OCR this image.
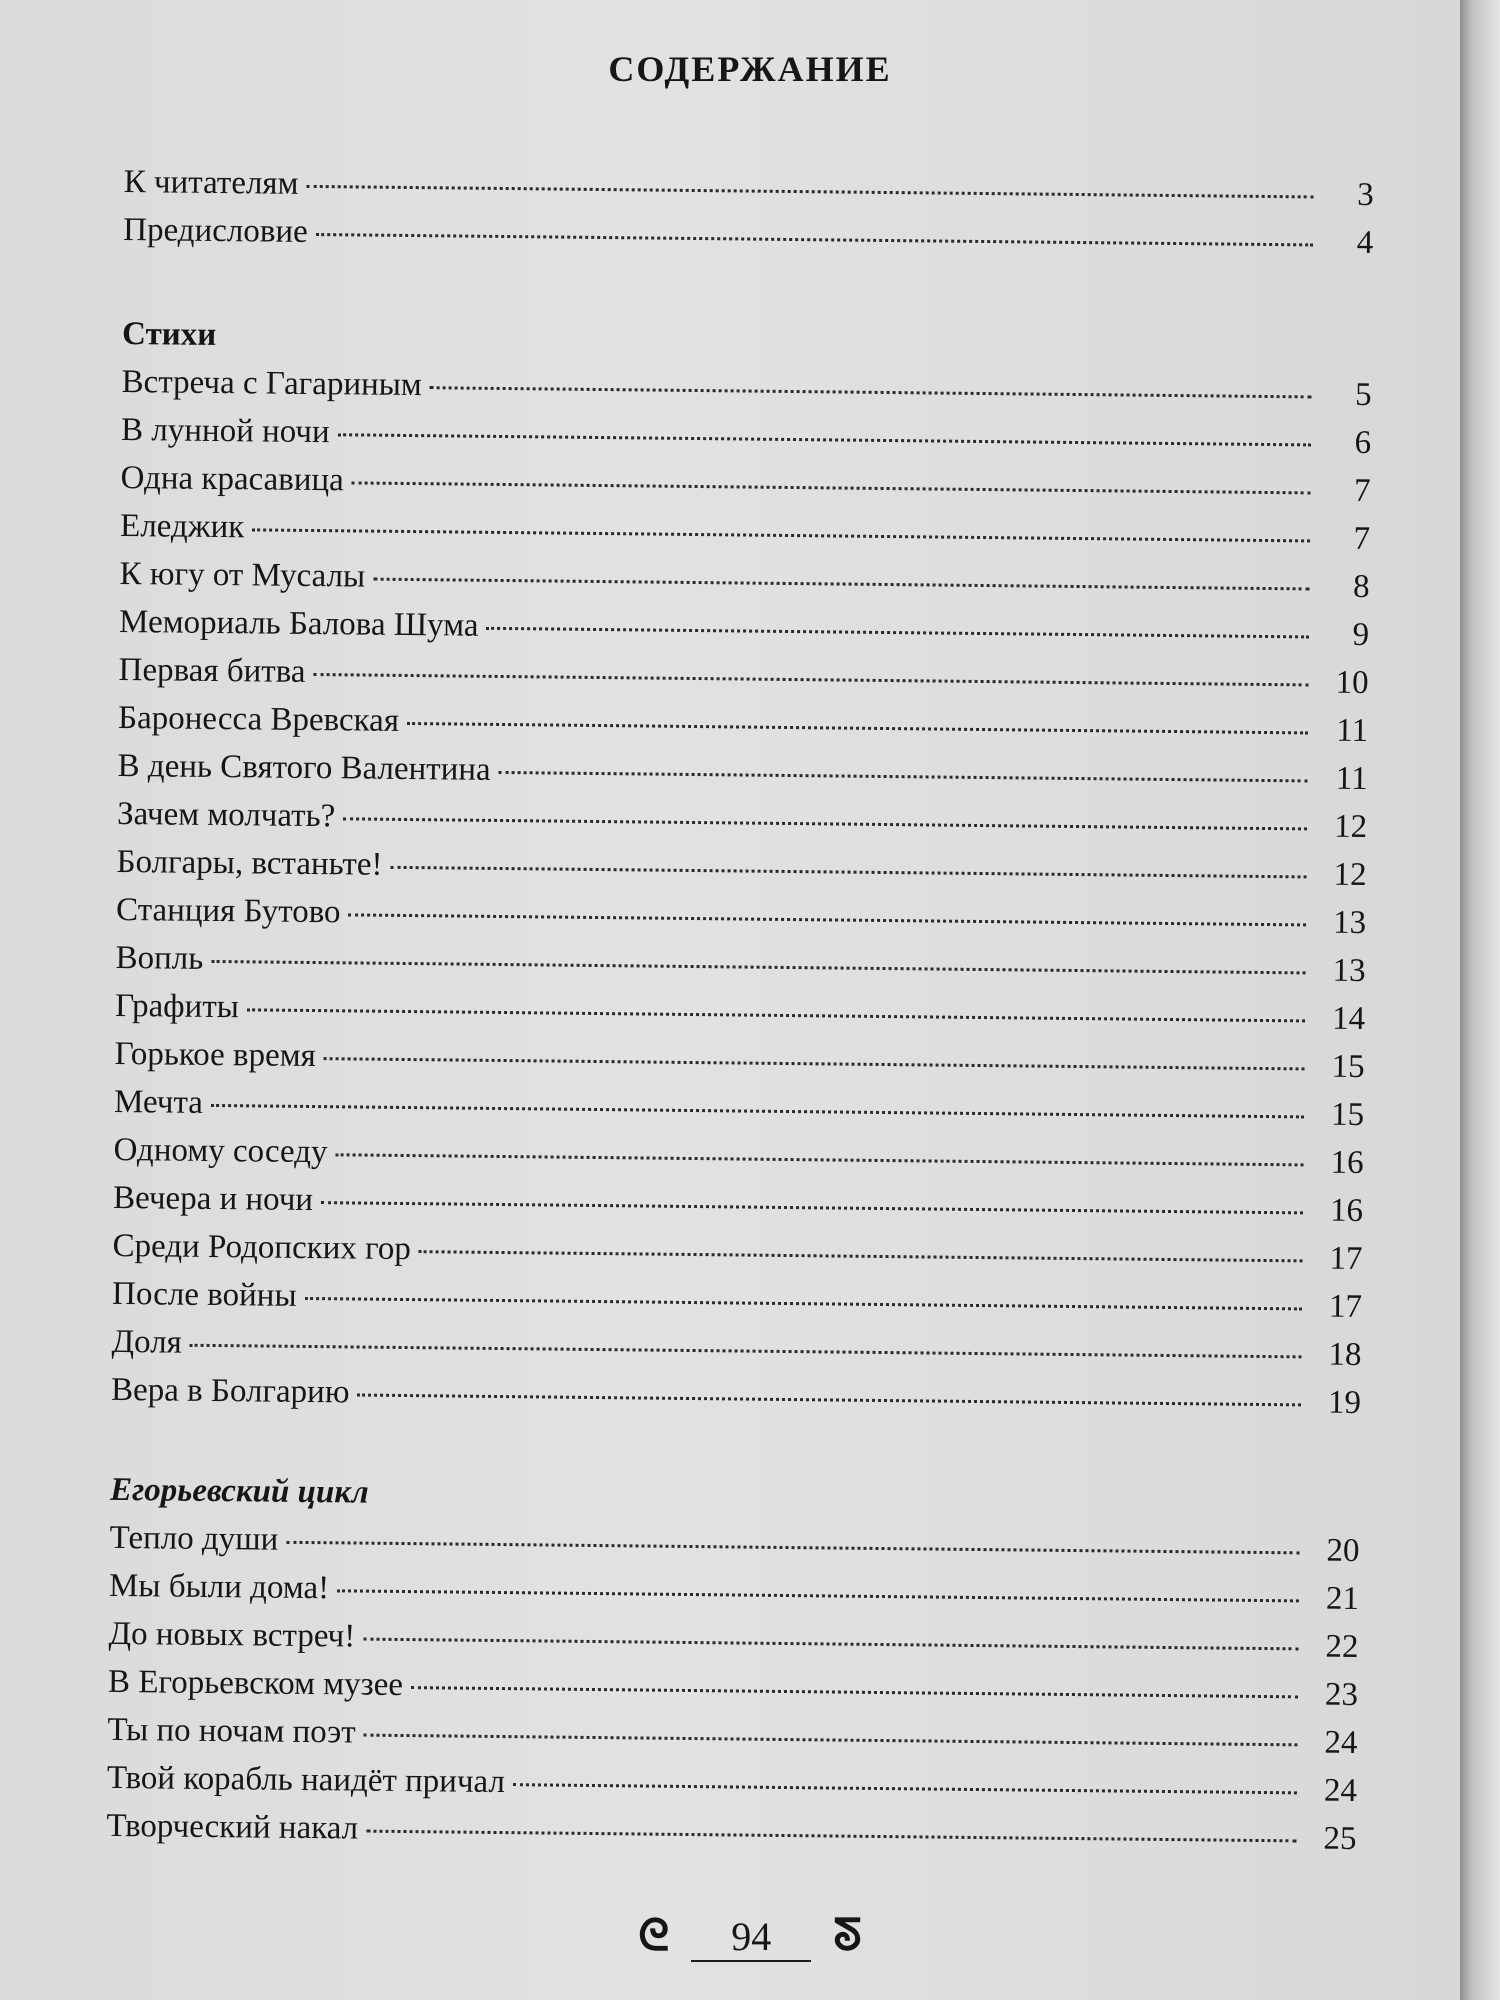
СОДЕРЖАНИЕ
К читателям	3
Предисловие	4
Стихи
Встреча с Гагариным	5
В лунной ночи	6
Одна красавица	7
Еледжик	7
К югу от Мусалы	8
Мемориаль Балова Шума	9
Первая битва	10
Баронесса Вревская	11
В день Святого Валентина	11
Зачем молчать?	12
Болгары, встаньте!	12
Станция Бутово	13
Вопль	13
Графиты	14
Горькое время	15
Мечта	15
Одному соседу	16
Вечера и ночи	16
Среди Родопских гор	17
После войны	17
Доля	18
Вера в Болгарию	19
Егорьевский цикл
Тепло души	20
Мы были дома!	21
До новых встреч!	22
В Егорьевском музее	23
Ты по ночам поэт	24
Твой корабль наидёт причал	24
Творческий накал	25
ᘓ 94 ᘕ
